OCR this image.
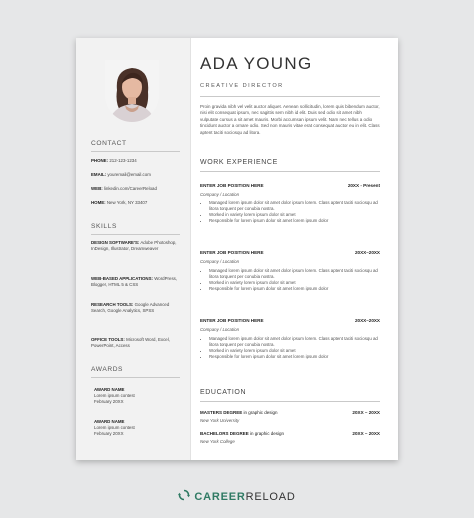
CONTACT
PHONE: 212-123-1234
EMAIL: youremail@email.com
WEB: linkedin.com/CareerReload
HOME: New York, NY 33407
SKILLS
DESIGN SOFTWARE'S: Adobe Photoshop, InDesign, Illustrator, Dreamweaver
WEB-BASED APPLICATIONS: WordPress, Blogger, HTML 5 & CSS
RESEARCH TOOLS: Google Advanced Search, Google Analytics, SPSS
OFFICE TOOLS: Microsoft Word, Excel, PowerPoint, Access
AWARDS
AWARD NAME
Lorem ipsum contest
February 20XX
AWARD NAME
Lorem ipsum contest
February 20XX
ADA YOUNG
CREATIVE DIRECTOR
Proin gravida nibh vel velit auctor aliquet. Aenean sollicitudin, lorem quis bibendum auctor, nisi elit consequat ipsum, nec sagittis sem nibh id elit. Duis sed odio sit amet nibh vulputate cursus a sit amet mauris. Morbi accumsan ipsum velit. Nam nec tellus a odio tincidunt auctor a ornare odio. Sed non mauris vitae erat consequat auctor eu in elit. Class aptent taciti sociosqu ad litora.
WORK EXPERIENCE
ENTER JOB POSITION HERE	20XX - Present
Company / Location
• Managed lorem ipsum dolor sit amet dolor ipsum lorem. Class aptent taciti sociosqu ad litora torquent per conubia nostra.
• Worked in variety lorem ipsum dolor sit amet
• Responsible for lorem ipsum dolor sit amet lorem ipsum dolor
ENTER JOB POSITION HERE	20XX–20XX
Company / Location
• Managed lorem ipsum dolor sit amet dolor ipsum lorem. Class aptent taciti sociosqu ad litora torquent per conubia nostra.
• Worked in variety lorem ipsum dolor sit amet
• Responsible for lorem ipsum dolor sit amet lorem ipsum dolor
ENTER JOB POSITION HERE	20XX–20XX
Company / Location
• Managed lorem ipsum dolor sit amet dolor ipsum lorem. Class aptent taciti sociosqu ad litora torquent per conubia nostra.
• Worked in variety lorem ipsum dolor sit amet
• Responsible for lorem ipsum dolor sit amet lorem ipsum dolor
EDUCATION
MASTERS DEGREE in graphic design	20XX – 20XX
New York University
BACHELORS DEGREE in graphic design	20XX – 20XX
New York College
CAREERRELOAD
